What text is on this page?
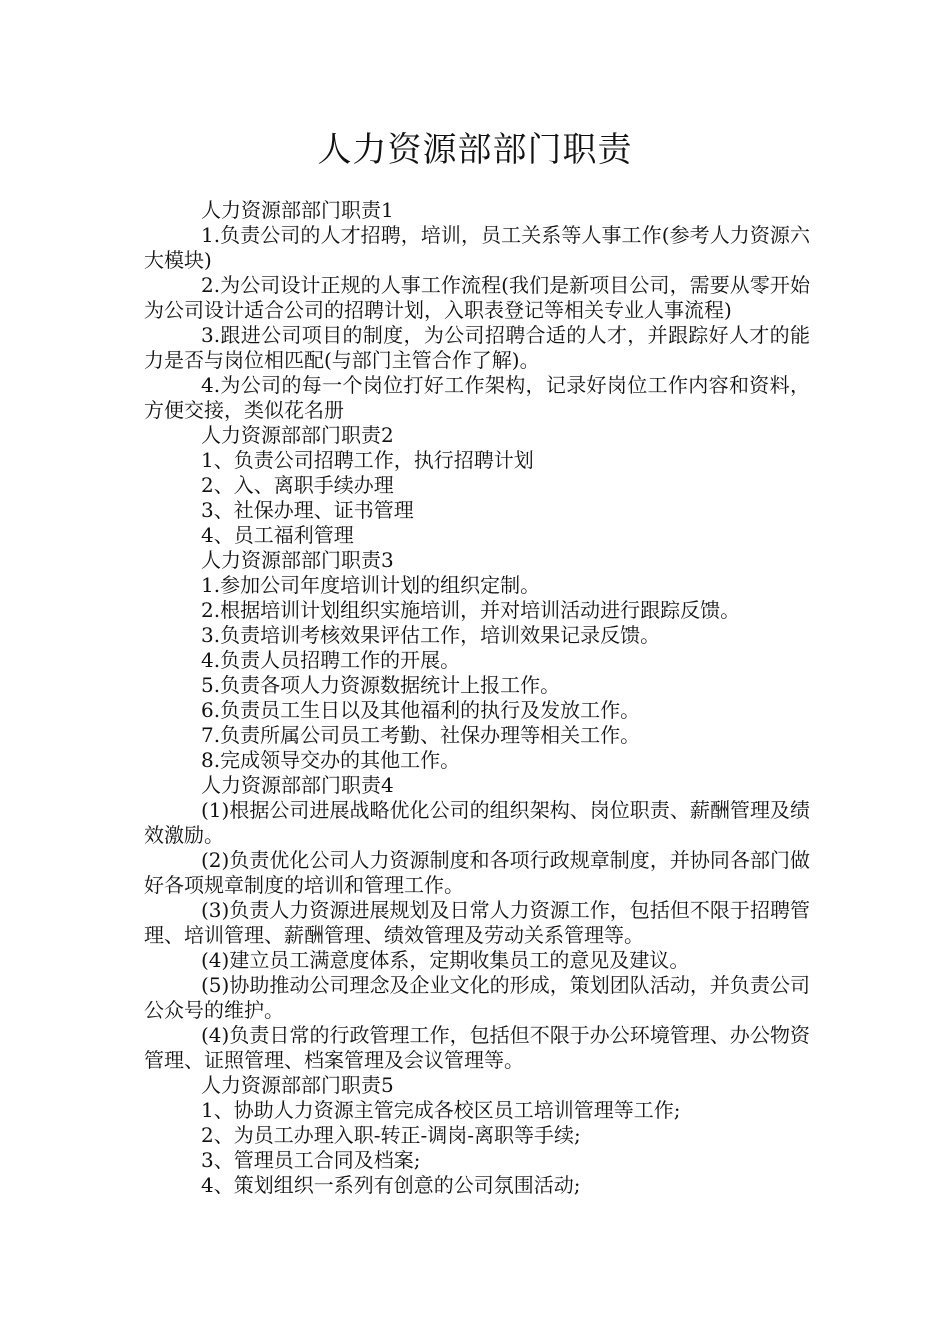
人力资源部部门职责

人力资源部部门职责1

1.负责公司的人才招聘，培训，员工关系等人事工作(参考人力资源六大模块)

2.为公司设计正规的人事工作流程(我们是新项目公司，需要从零开始为公司设计适合公司的招聘计划，入职表登记等相关专业人事流程)

3.跟进公司项目的制度，为公司招聘合适的人才，并跟踪好人才的能力是否与岗位相匹配(与部门主管合作了解)。

4.为公司的每一个岗位打好工作架构，记录好岗位工作内容和资料，方便交接，类似花名册

人力资源部部门职责2

1、负责公司招聘工作，执行招聘计划

2、入、离职手续办理

3、社保办理、证书管理

4、员工福利管理

人力资源部部门职责3

1.参加公司年度培训计划的组织定制。

2.根据培训计划组织实施培训，并对培训活动进行跟踪反馈。

3.负责培训考核效果评估工作，培训效果记录反馈。

4.负责人员招聘工作的开展。

5.负责各项人力资源数据统计上报工作。

6.负责员工生日以及其他福利的执行及发放工作。

7.负责所属公司员工考勤、社保办理等相关工作。

8.完成领导交办的其他工作。

人力资源部部门职责4

(1)根据公司进展战略优化公司的组织架构、岗位职责、薪酬管理及绩效激励。

(2)负责优化公司人力资源制度和各项行政规章制度，并协同各部门做好各项规章制度的培训和管理工作。

(3)负责人力资源进展规划及日常人力资源工作，包括但不限于招聘管理、培训管理、薪酬管理、绩效管理及劳动关系管理等。

(4)建立员工满意度体系，定期收集员工的意见及建议。

(5)协助推动公司理念及企业文化的形成，策划团队活动，并负责公司公众号的维护。

(4)负责日常的行政管理工作，包括但不限于办公环境管理、办公物资管理、证照管理、档案管理及会议管理等。

人力资源部部门职责5

1、协助人力资源主管完成各校区员工培训管理等工作;

2、为员工办理入职-转正-调岗-离职等手续;

3、管理员工合同及档案;

4、策划组织一系列有创意的公司氛围活动;
